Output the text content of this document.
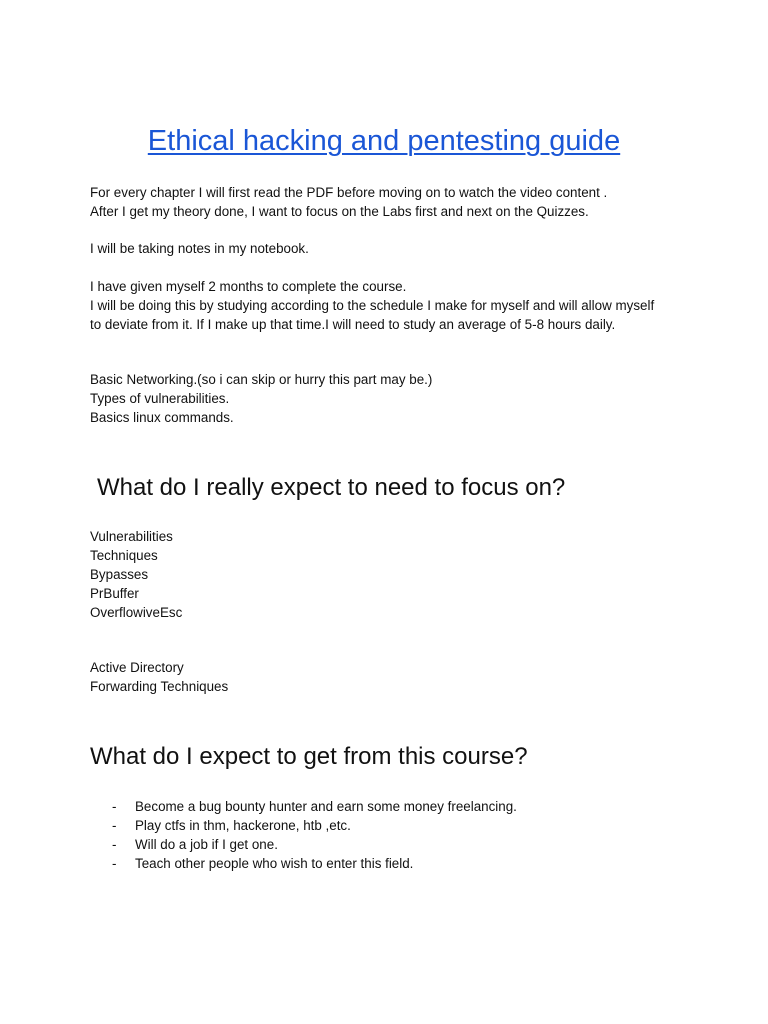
Ethical hacking and pentesting guide
For every chapter I will first read the PDF before moving on to watch the video content .
After I get my theory done, I want to focus on the Labs first and next on the Quizzes.
I will be taking notes in my notebook.
I have given myself 2 months to complete the course.
I will be doing this by studying according to the schedule I make for myself and will allow myself
to deviate from it. If I make up that time.I will need to study an average of 5-8 hours daily.
Basic Networking.(so i can skip or hurry this part may be.)
Types of vulnerabilities.
Basics linux commands.
What do I really expect to need to focus on?
Vulnerabilities
Techniques
Bypasses
PrBuffer
OverflowiveEsc
Active Directory
Forwarding Techniques
What do I expect to get from this course?
- Become a bug bounty hunter and earn some money freelancing.
- Play ctfs in thm, hackerone, htb ,etc.
- Will do a job if I get one.
- Teach other people who wish to enter this field.
